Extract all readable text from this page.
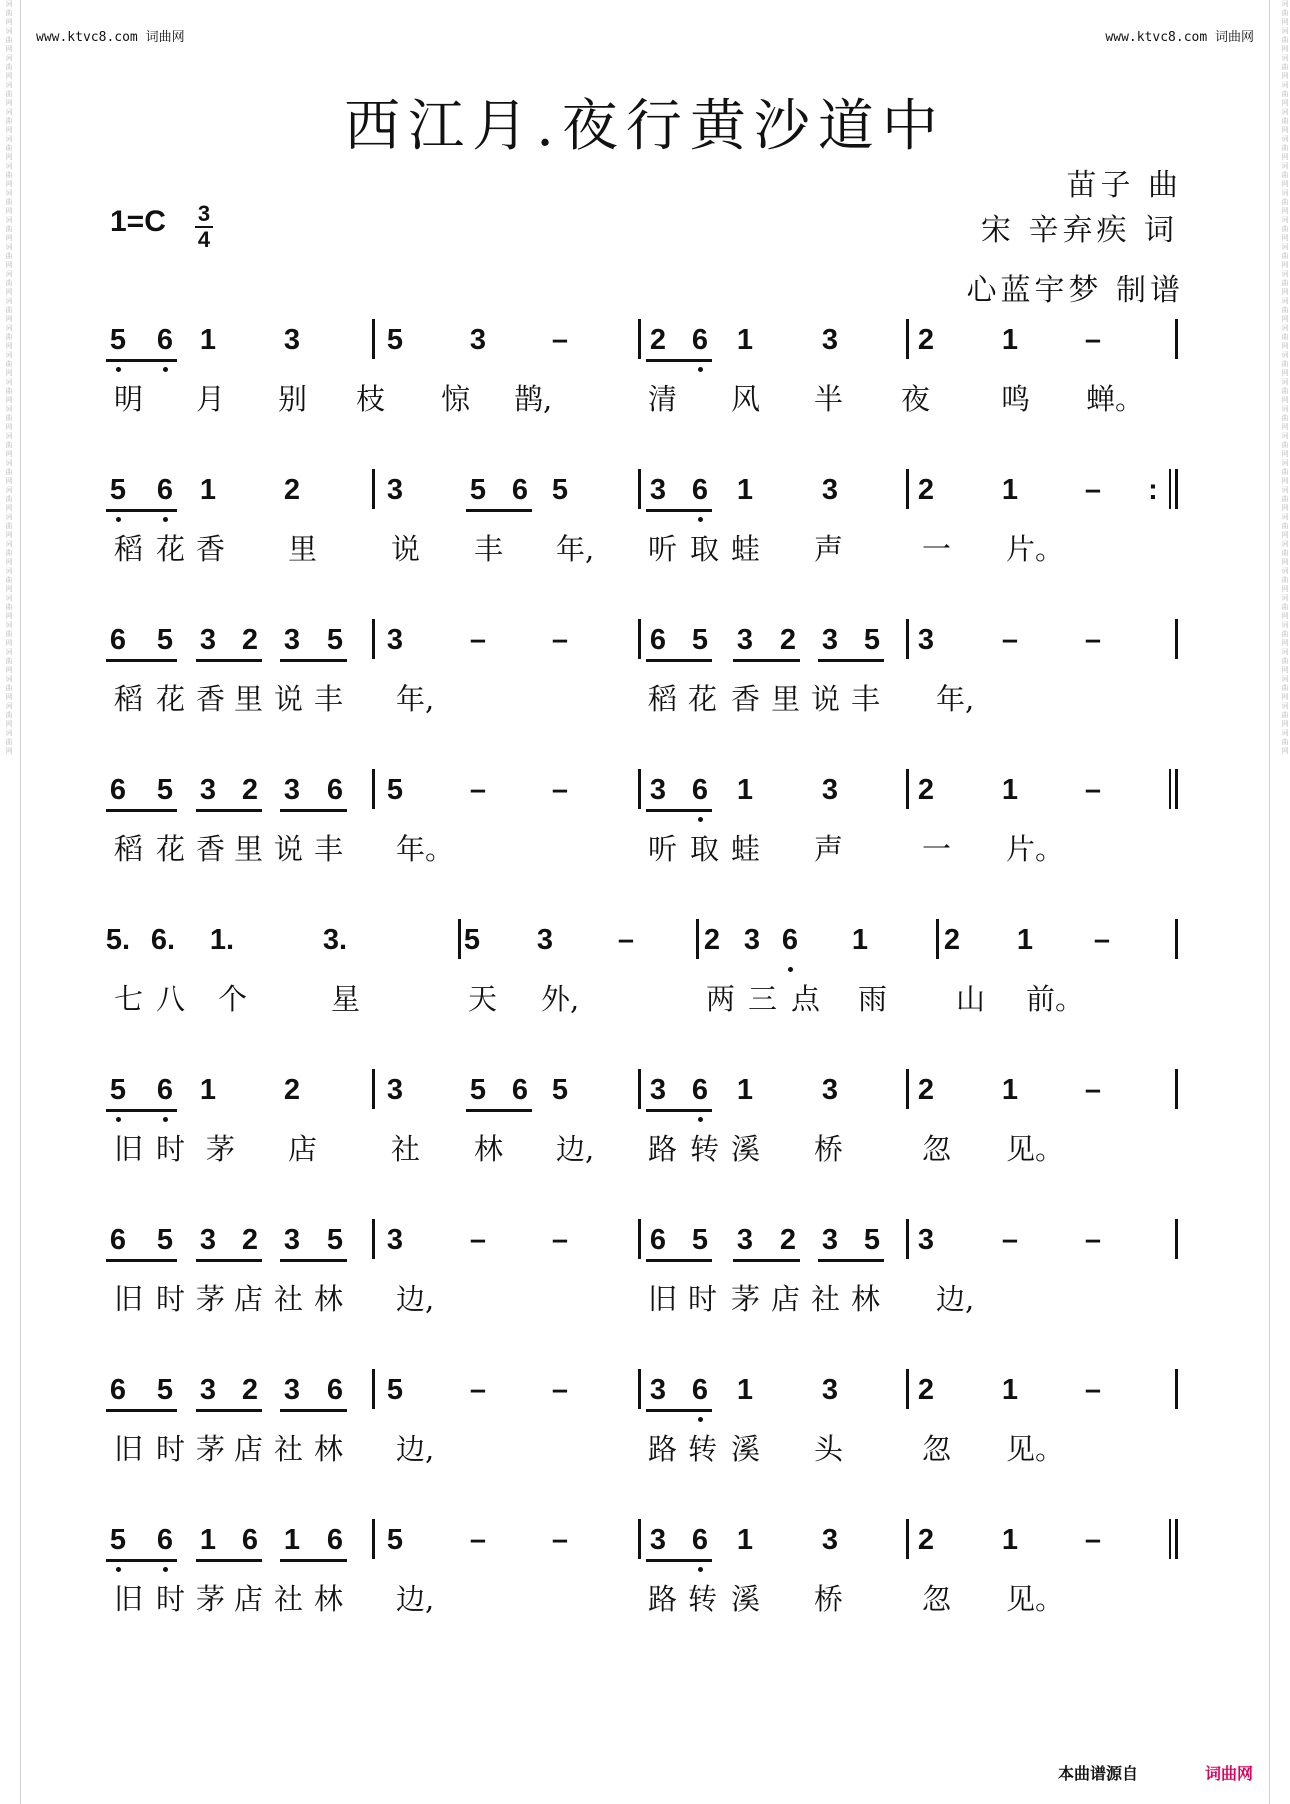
词曲网词曲网词曲网词曲网词曲网词曲网词曲网词曲网词曲网词曲网词曲网词曲网词曲网词曲网词曲网词曲网词曲网词曲网词曲网词曲网词曲网词曲网词曲网词曲网词曲网词曲网词曲网词曲网	词曲网词曲网词曲网词曲网词曲网词曲网词曲网词曲网词曲网词曲网词曲网词曲网词曲网词曲网词曲网词曲网词曲网词曲网词曲网词曲网词曲网词曲网词曲网词曲网词曲网词曲网词曲网词曲网
www.ktvc8.com 词曲网	www.ktvc8.com 词曲网
西江月.夜行黄沙道中
苗子 曲
宋 辛弃疾 词
心蓝宇梦 制谱
1=C 3
4
5 6 1 3	5 3 –	2 6 1 3	2 1 –
明 月 别 枝 惊 鹊,	清 风 半 夜 鸣 蝉。
5 6 1 2	3 5 6 5	3 6 1 3	2 1 – :
稻 花 香 里	说 丰 年, 听 取 蛙 声	一 片。
6 5 3 2 3 5 3 – –	6 5 3 2 3 5 3 – –
稻 花 香 里 说 丰 年,	稻 花 香 里 说 丰 年,
6 5 3 2 3 6 5 – –	3 6 1 3	2 1 –
稻 花 香 里 说 丰 年。	听 取 蛙 声	一 片。
5. 6. 1.	3.	5 3 – 2 3 6 1	2 1 –
七 八 个	星	天 外,	两 三 点 雨 山 前。
5 6 1 2	3 5 6 5	3 6 1 3	2 1 –
旧 时 茅 店	社 林 边, 路 转 溪 桥	忽 见。
6 5 3 2 3 5 3 – –	6 5 3 2 3 5 3 – –
旧 时 茅 店 社 林 边,	旧 时 茅 店 社 林 边,
6 5 3 2 3 6 5 – –	3 6 1 3	2 1 –
旧 时 茅 店 社 林 边,	路 转 溪 头	忽 见。
5 6 1 6 1 6 5 – –	3 6 1 3	2 1 –
旧 时 茅 店 社 林 边,	路 转 溪 桥	忽 见。
本曲谱源自	词曲网
